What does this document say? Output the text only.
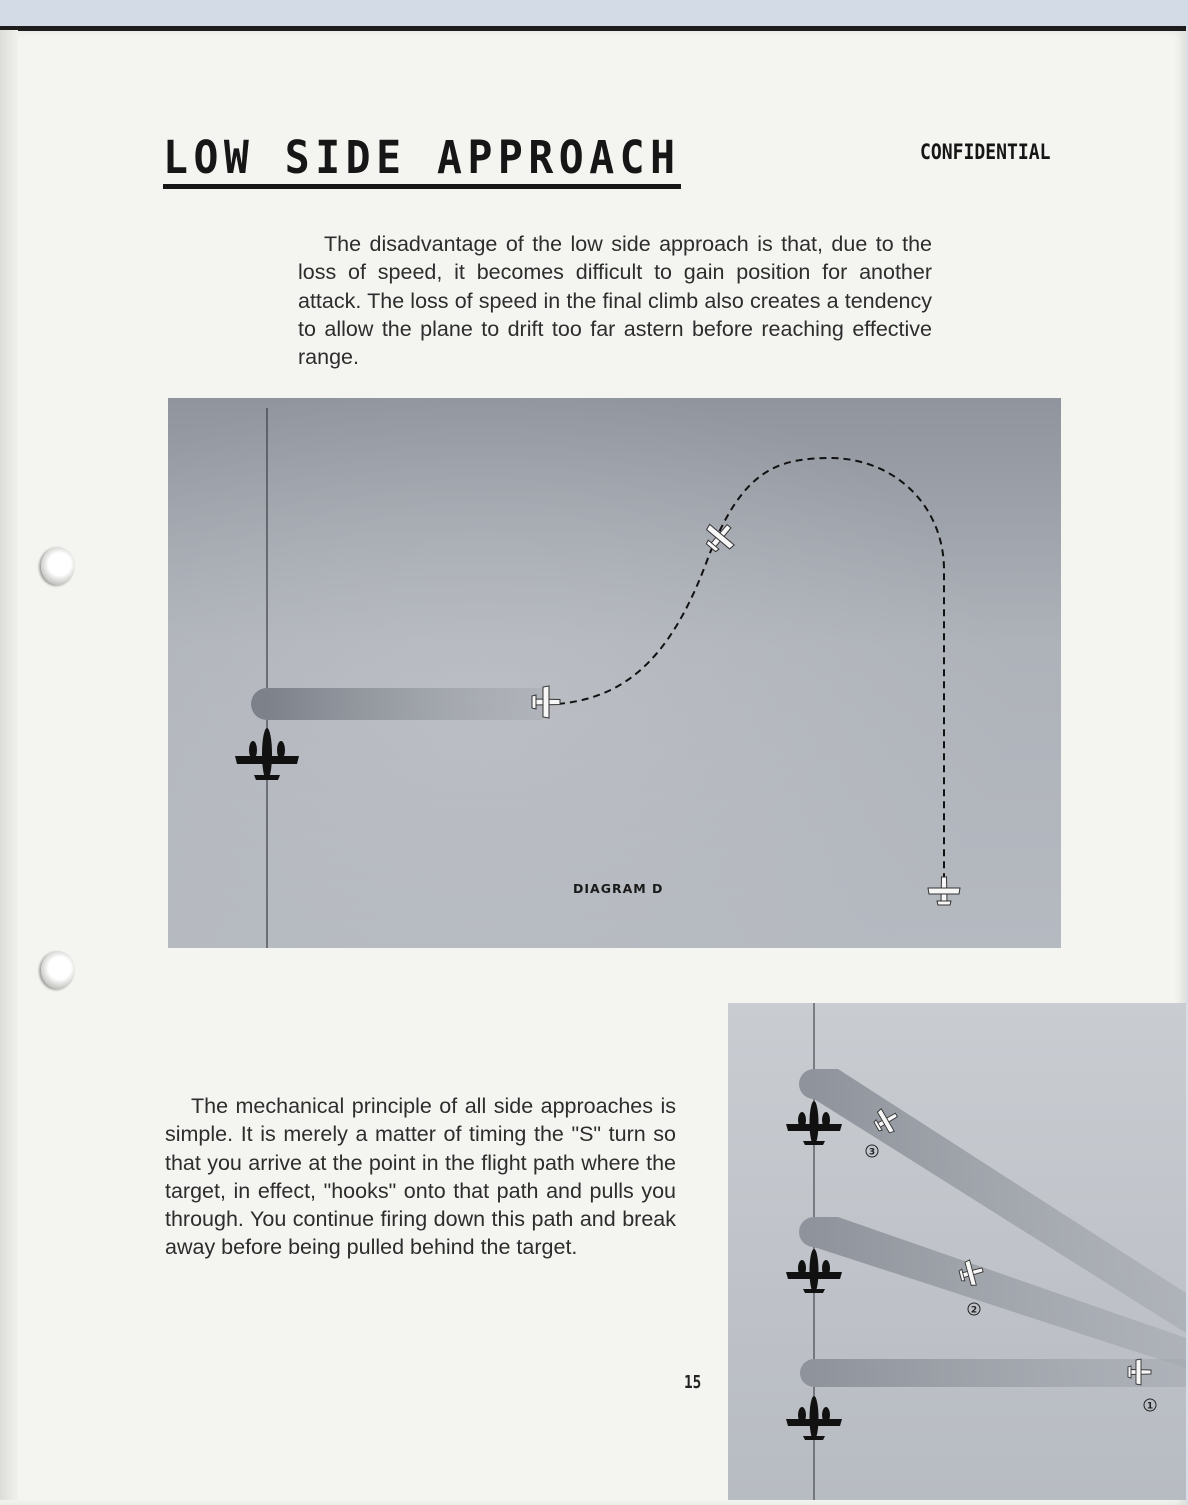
LOW SIDE APPROACH	CONFIDENTIAL

The disadvantage of the low side approach is that, due to the loss of speed, it becomes difficult to gain position for another attack. The loss of speed in the final climb also creates a tendency to allow the plane to drift too far astern before reaching effective range.

DIAGRAM D

The mechanical principle of all side approaches is simple. It is merely a matter of timing the "S" turn so that you arrive at the point in the flight path where the target, in effect, "hooks" onto that path and pulls you through. You continue firing down this path and break away before being pulled behind the target.

3
2
1
15
